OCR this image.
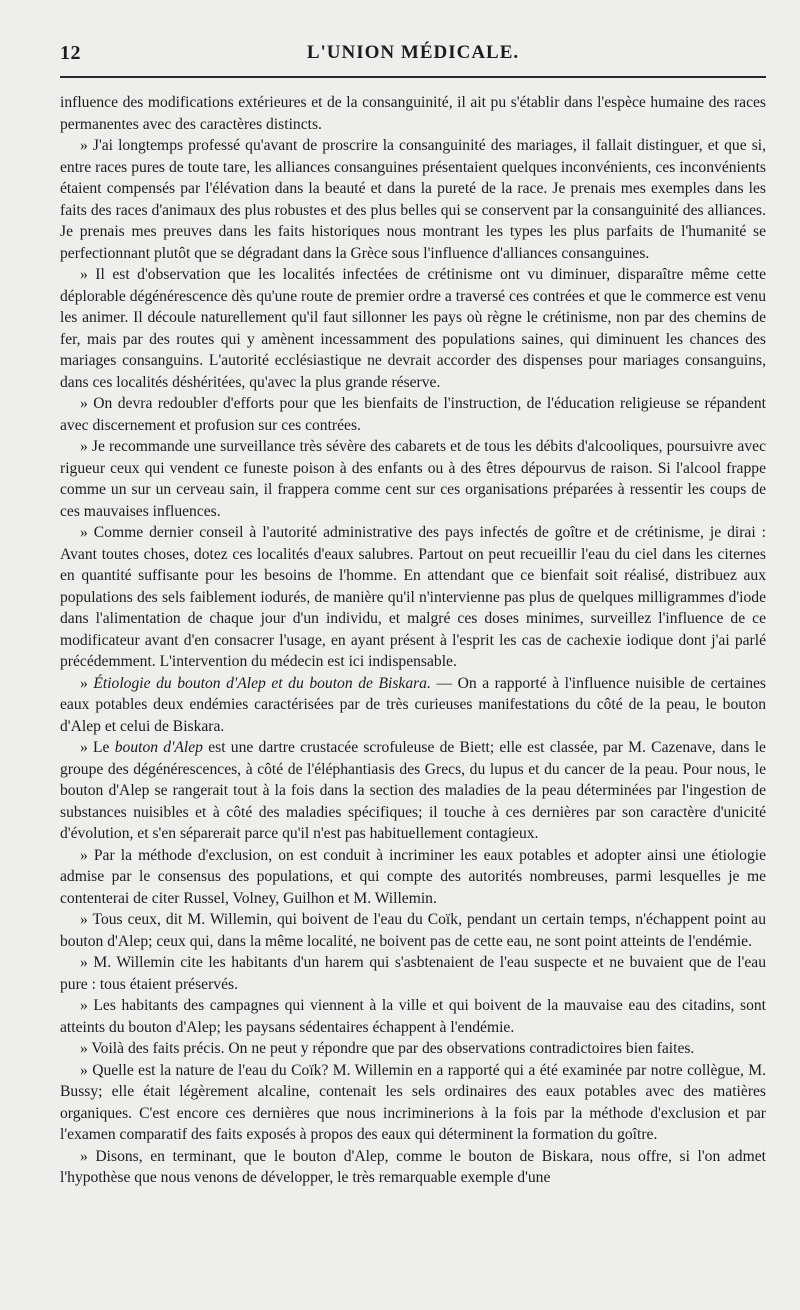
12	L'UNION MÉDICALE.

influence des modifications extérieures et de la consanguinité, il ait pu s'établir dans l'espèce humaine des races permanentes avec des caractères distincts.

» J'ai longtemps professé qu'avant de proscrire la consanguinité des mariages, il fallait distinguer, et que si, entre races pures de toute tare, les alliances consanguines présentaient quelques inconvénients, ces inconvénients étaient compensés par l'élévation dans la beauté et dans la pureté de la race. Je prenais mes exemples dans les faits des races d'animaux des plus robustes et des plus belles qui se conservent par la consanguinité des alliances. Je prenais mes preuves dans les faits historiques nous montrant les types les plus parfaits de l'humanité se perfectionnant plutôt que se dégradant dans la Grèce sous l'influence d'alliances consanguines.

» Il est d'observation que les localités infectées de crétinisme ont vu diminuer, disparaître même cette déplorable dégénérescence dès qu'une route de premier ordre a traversé ces contrées et que le commerce est venu les animer. Il découle naturellement qu'il faut sillonner les pays où règne le crétinisme, non par des chemins de fer, mais par des routes qui y amènent incessamment des populations saines, qui diminuent les chances des mariages consanguins. L'autorité ecclésiastique ne devrait accorder des dispenses pour mariages consanguins, dans ces localités déshéritées, qu'avec la plus grande réserve.

» On devra redoubler d'efforts pour que les bienfaits de l'instruction, de l'éducation religieuse se répandent avec discernement et profusion sur ces contrées.

» Je recommande une surveillance très sévère des cabarets et de tous les débits d'alcooliques, poursuivre avec rigueur ceux qui vendent ce funeste poison à des enfants ou à des êtres dépourvus de raison. Si l'alcool frappe comme un sur un cerveau sain, il frappera comme cent sur ces organisations préparées à ressentir les coups de ces mauvaises influences.

» Comme dernier conseil à l'autorité administrative des pays infectés de goître et de crétinisme, je dirai : Avant toutes choses, dotez ces localités d'eaux salubres. Partout on peut recueillir l'eau du ciel dans les citernes en quantité suffisante pour les besoins de l'homme. En attendant que ce bienfait soit réalisé, distribuez aux populations des sels faiblement iodurés, de manière qu'il n'intervienne pas plus de quelques milligrammes d'iode dans l'alimentation de chaque jour d'un individu, et malgré ces doses minimes, surveillez l'influence de ce modificateur avant d'en consacrer l'usage, en ayant présent à l'esprit les cas de cachexie iodique dont j'ai parlé précédemment. L'intervention du médecin est ici indispensable.

» Étiologie du bouton d'Alep et du bouton de Biskara. — On a rapporté à l'influence nuisible de certaines eaux potables deux endémies caractérisées par de très curieuses manifestations du côté de la peau, le bouton d'Alep et celui de Biskara.

» Le bouton d'Alep est une dartre crustacée scrofuleuse de Biett; elle est classée, par M. Cazenave, dans le groupe des dégénérescences, à côté de l'éléphantiasis des Grecs, du lupus et du cancer de la peau. Pour nous, le bouton d'Alep se rangerait tout à la fois dans la section des maladies de la peau déterminées par l'ingestion de substances nuisibles et à côté des maladies spécifiques; il touche à ces dernières par son caractère d'unicité d'évolution, et s'en séparerait parce qu'il n'est pas habituellement contagieux.

» Par la méthode d'exclusion, on est conduit à incriminer les eaux potables et adopter ainsi une étiologie admise par le consensus des populations, et qui compte des autorités nombreuses, parmi lesquelles je me contenterai de citer Russel, Volney, Guilhon et M. Willemin.

» Tous ceux, dit M. Willemin, qui boivent de l'eau du Coïk, pendant un certain temps, n'échappent point au bouton d'Alep; ceux qui, dans la même localité, ne boivent pas de cette eau, ne sont point atteints de l'endémie.

» M. Willemin cite les habitants d'un harem qui s'asbtenaient de l'eau suspecte et ne buvaient que de l'eau pure : tous étaient préservés.

» Les habitants des campagnes qui viennent à la ville et qui boivent de la mauvaise eau des citadins, sont atteints du bouton d'Alep; les paysans sédentaires échappent à l'endémie.

» Voilà des faits précis. On ne peut y répondre que par des observations contradictoires bien faites.

» Quelle est la nature de l'eau du Coïk? M. Willemin en a rapporté qui a été examinée par notre collègue, M. Bussy; elle était légèrement alcaline, contenait les sels ordinaires des eaux potables avec des matières organiques. C'est encore ces dernières que nous incriminerions à la fois par la méthode d'exclusion et par l'examen comparatif des faits exposés à propos des eaux qui déterminent la formation du goître.

» Disons, en terminant, que le bouton d'Alep, comme le bouton de Biskara, nous offre, si l'on admet l'hypothèse que nous venons de développer, le très remarquable exemple d'une
